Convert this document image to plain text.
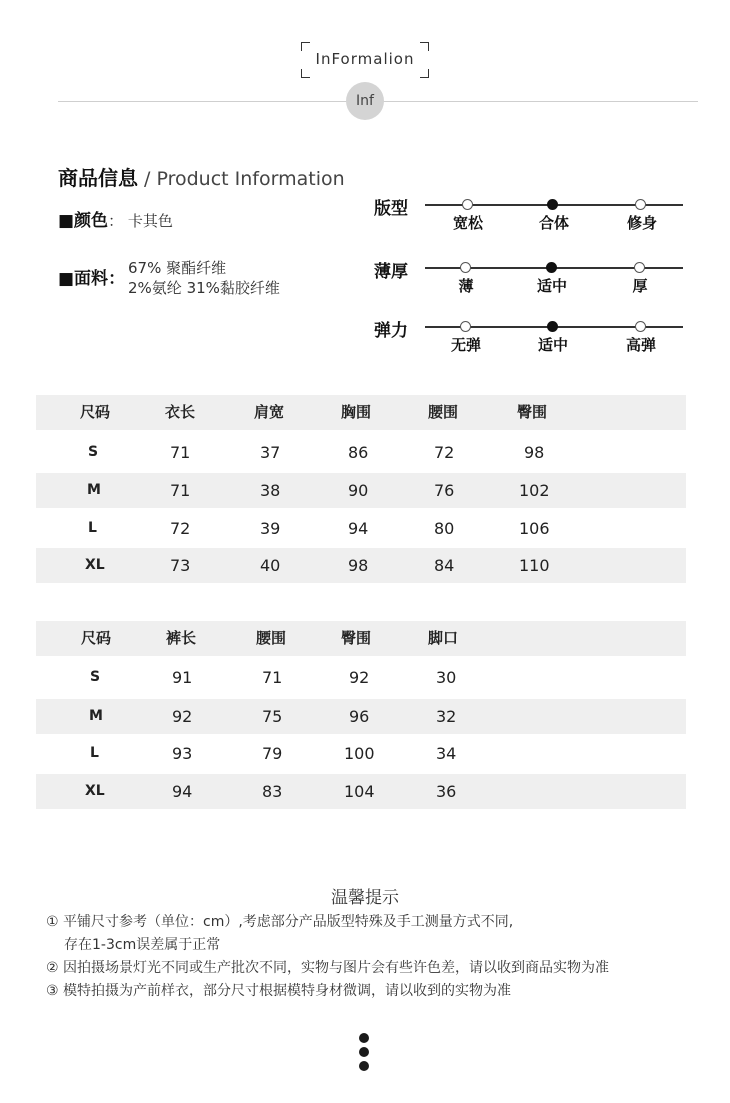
InFormalion
Inf
商品信息 / Product Information
■颜色： 卡其色
■面料：
67% 聚酯纤维
2%氨纶 31%黏胶纤维
版型
宽松	合体	修身
薄厚
薄	适中	厚
弹力
无弹	适中	高弹
尺码	衣长	肩宽	胸围	腰围	臀围
S	71	37	86	72	98
M	71	38	90	76	102
L	72	39	94	80	106
XL	73	40	98	84	110
尺码	裤长	腰围	臀围	脚口
S	91	71	92	30
M	92	75	96	32
L	93	79	100	34
XL	94	83	104	36
温馨提示
① 平铺尺寸参考（单位：cm）,考虑部分产品版型特殊及手工测量方式不同,
存在1-3cm误差属于正常
② 因拍摄场景灯光不同或生产批次不同，实物与图片会有些许色差，请以收到商品实物为准
③ 模特拍摄为产前样衣，部分尺寸根据模特身材微调，请以收到的实物为准
